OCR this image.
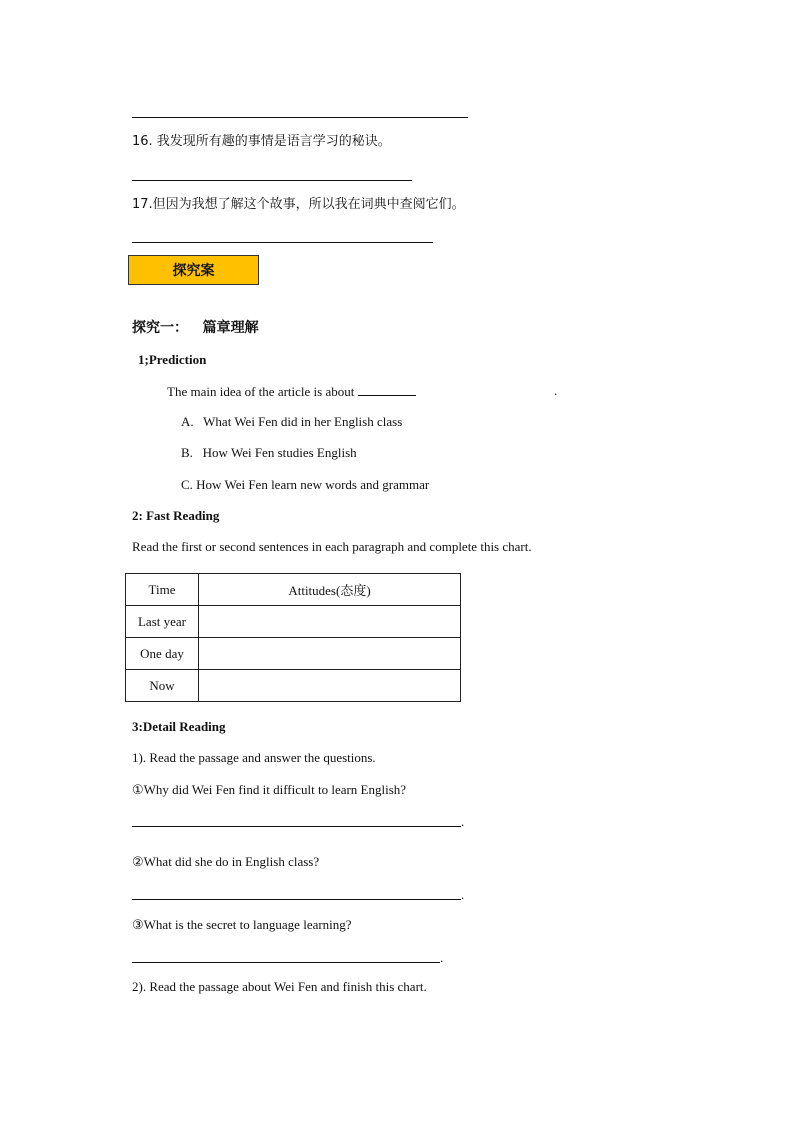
16. 我发现所有趣的事情是语言学习的秘诀。
17.但因为我想了解这个故事，所以我在词典中查阅它们。
探究案
探究一：   篇章理解
1;Prediction
The main idea of the article is about	.
A.   What Wei Fen did in her English class
B.   How Wei Fen studies English
C. How Wei Fen learn new words and grammar
2: Fast Reading
Read the first or second sentences in each paragraph and complete this chart.
Time	Attitudes(态度)
Last year	
One day	
Now	
3:Detail Reading
1). Read the passage and answer the questions.
①Why did Wei Fen find it difficult to learn English?
.
②What did she do in English class?
.
③What is the secret to language learning?
.
2). Read the passage about Wei Fen and finish this chart.
